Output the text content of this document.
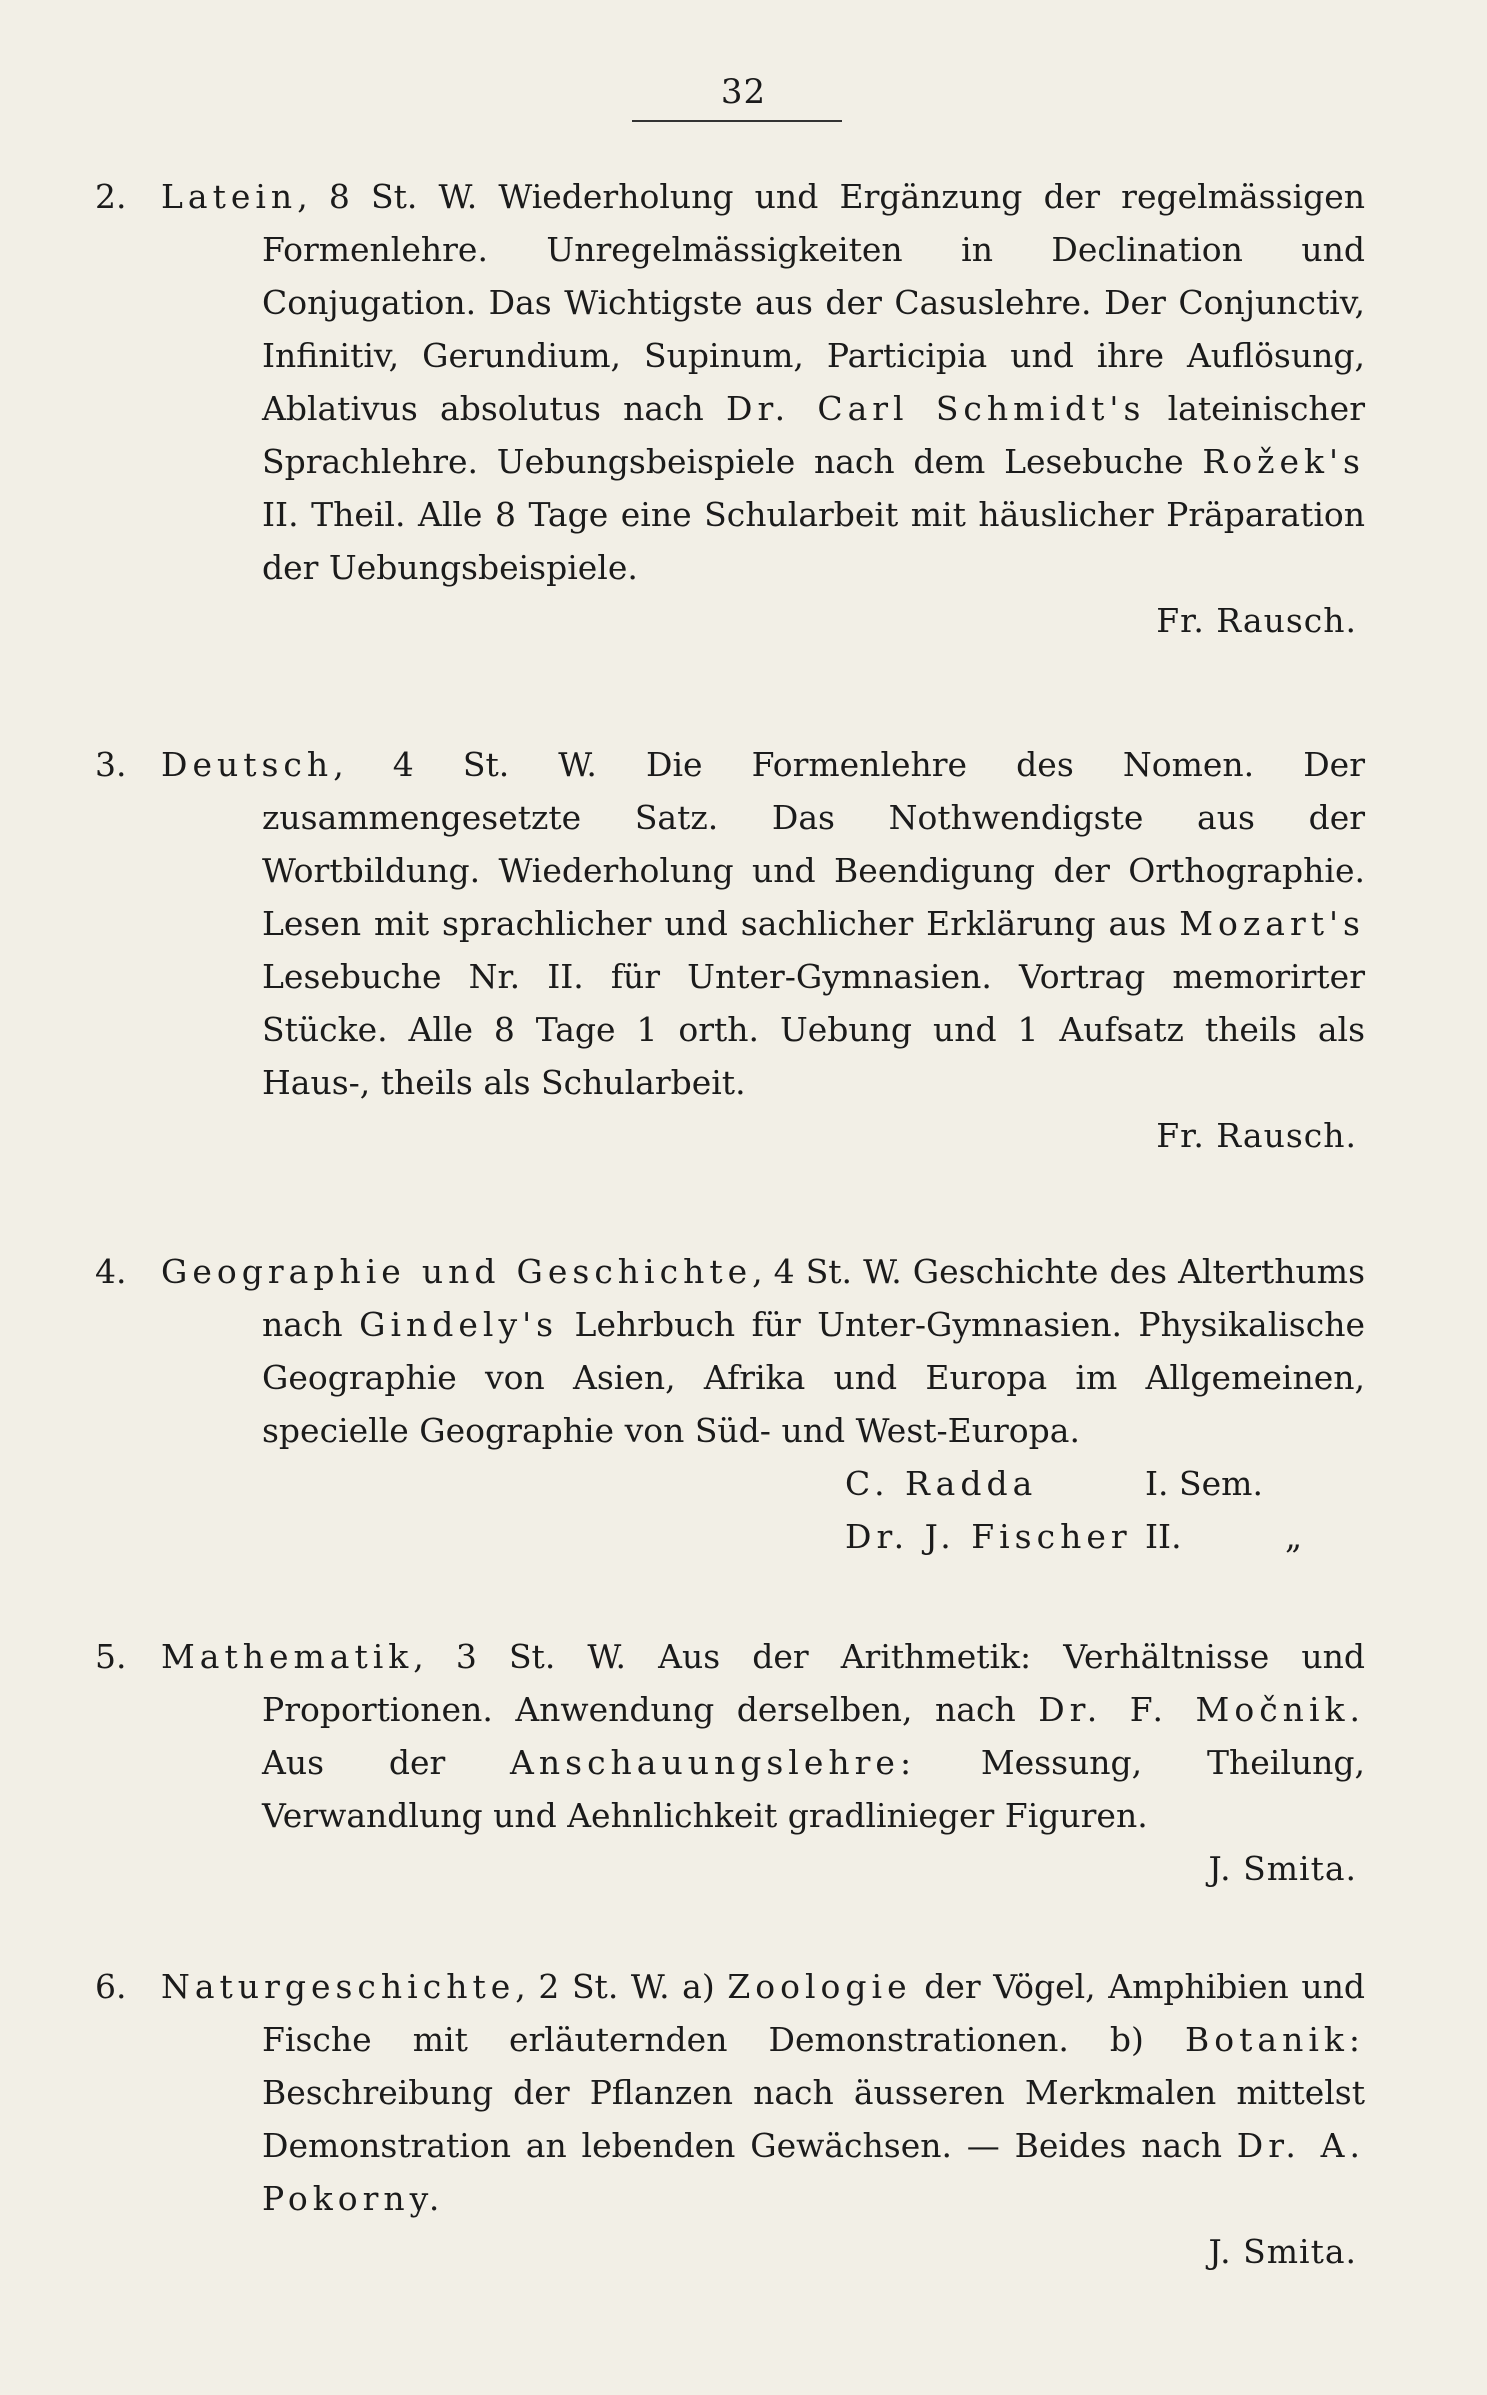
32
2. Latein, 8 St. W. Wiederholung und Ergänzung der regelmässigen Formenlehre. Unregelmässigkeiten in Declination und Conjugation. Das Wichtigste aus der Casuslehre. Der Conjunctiv, Infinitiv, Gerundium, Supinum, Participia und ihre Auflösung, Ablativus absolutus nach Dr. Carl Schmidt's lateinischer Sprachlehre. Uebungsbeispiele nach dem Lesebuche Rožek's II. Theil. Alle 8 Tage eine Schularbeit mit häuslicher Präparation der Uebungsbeispiele.
Fr. Rausch.
3. Deutsch, 4 St. W. Die Formenlehre des Nomen. Der zusammengesetzte Satz. Das Nothwendigste aus der Wortbildung. Wiederholung und Beendigung der Orthographie. Lesen mit sprachlicher und sachlicher Erklärung aus Mozart's Lesebuche Nr. II. für Unter-Gymnasien. Vortrag memorirter Stücke. Alle 8 Tage 1 orth. Uebung und 1 Aufsatz theils als Haus-, theils als Schularbeit.
Fr. Rausch.
4. Geographie und Geschichte, 4 St. W. Geschichte des Alterthums nach Gindely's Lehrbuch für Unter-Gymnasien. Physikalische Geographie von Asien, Afrika und Europa im Allgemeinen, specielle Geographie von Süd- und West-Europa.
C. Radda	I. Sem.
Dr. J. Fischer II.	„
5. Mathematik, 3 St. W. Aus der Arithmetik: Verhältnisse und Proportionen. Anwendung derselben, nach Dr. F. Močnik. Aus der Anschauungslehre: Messung, Theilung, Verwandlung und Aehnlichkeit gradlinieger Figuren.
J. Smita.
6. Naturgeschichte, 2 St. W. a) Zoologie der Vögel, Amphibien und Fische mit erläuternden Demonstrationen. b) Botanik: Beschreibung der Pflanzen nach äusseren Merkmalen mittelst Demonstration an lebenden Gewächsen. — Beides nach Dr. A. Pokorny.
J. Smita.
